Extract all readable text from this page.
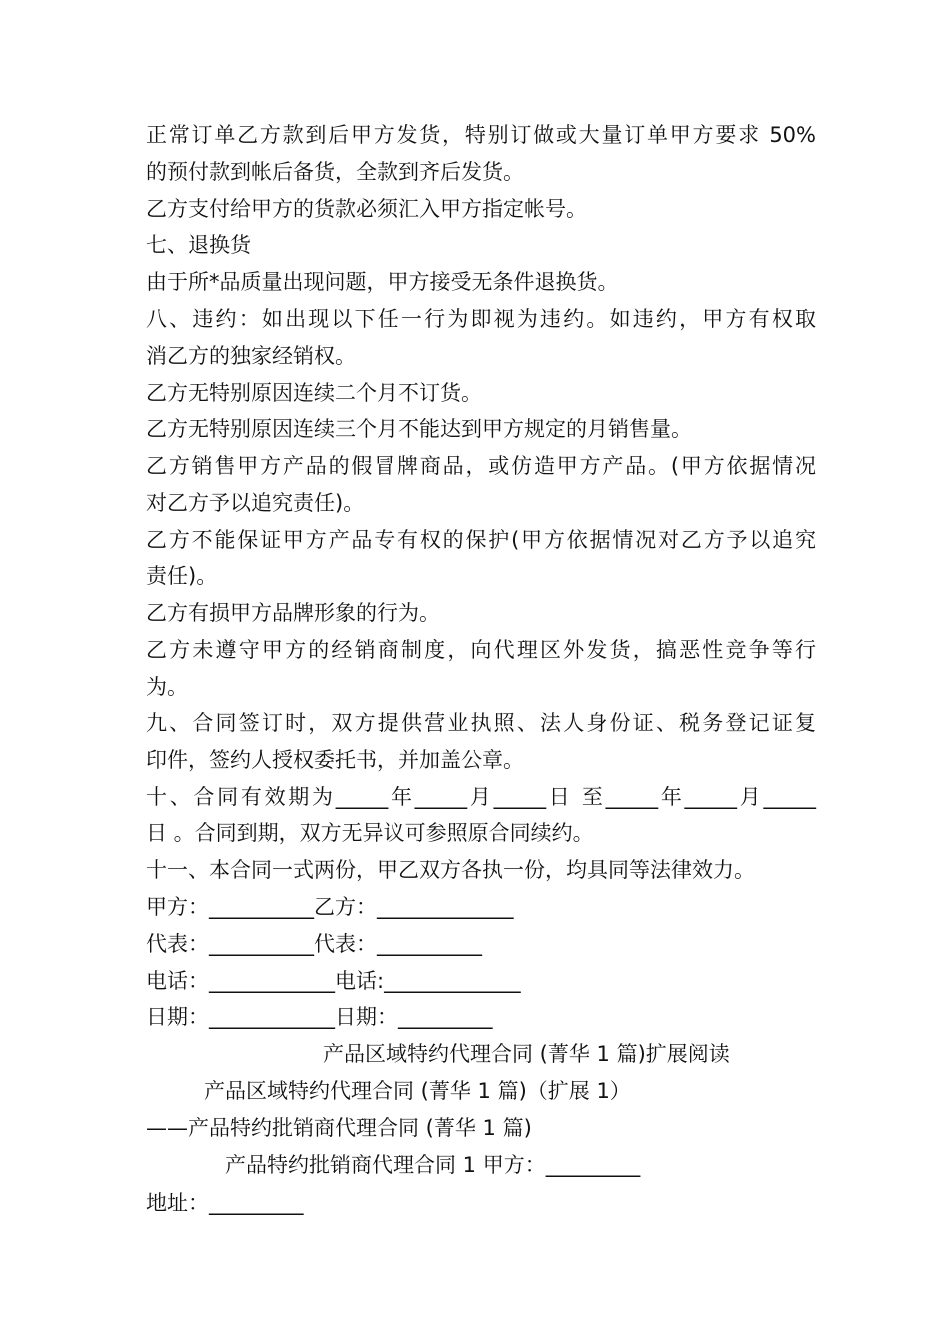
正常订单乙方款到后甲方发货，特别订做或大量订单甲方要求 50%
的预付款到帐后备货，全款到齐后发货。
乙方支付给甲方的货款必须汇入甲方指定帐号。
七、退换货
由于所*品质量出现问题，甲方接受无条件退换货。
八、违约：如出现以下任一行为即视为违约。如违约，甲方有权取
消乙方的独家经销权。
乙方无特别原因连续二个月不订货。
乙方无特别原因连续三个月不能达到甲方规定的月销售量。
乙方销售甲方产品的假冒牌商品，或仿造甲方产品。(甲方依据情况
对乙方予以追究责任)。
乙方不能保证甲方产品专有权的保护(甲方依据情况对乙方予以追究
责任)。
乙方有损甲方品牌形象的行为。
乙方未遵守甲方的经销商制度，向代理区外发货，搞恶性竞争等行
为。
九、合同签订时，双方提供营业执照、法人身份证、税务登记证复
印件，签约人授权委托书，并加盖公章。
十、合同有效期为_____年_____月_____日 至_____年_____月_____
日 。合同到期，双方无异议可参照原合同续约。
十一、本合同一式两份，甲乙双方各执一份，均具同等法律效力。
甲方：__________乙方：_____________
代表：__________代表：__________
电话：____________电话:_____________
日期：____________日期：_________
产品区域特约代理合同 (菁华 1 篇)扩展阅读
产品区域特约代理合同 (菁华 1 篇)（扩展 1）
——产品特约批销商代理合同 (菁华 1 篇)
产品特约批销商代理合同 1 甲方：_________
地址：_________
